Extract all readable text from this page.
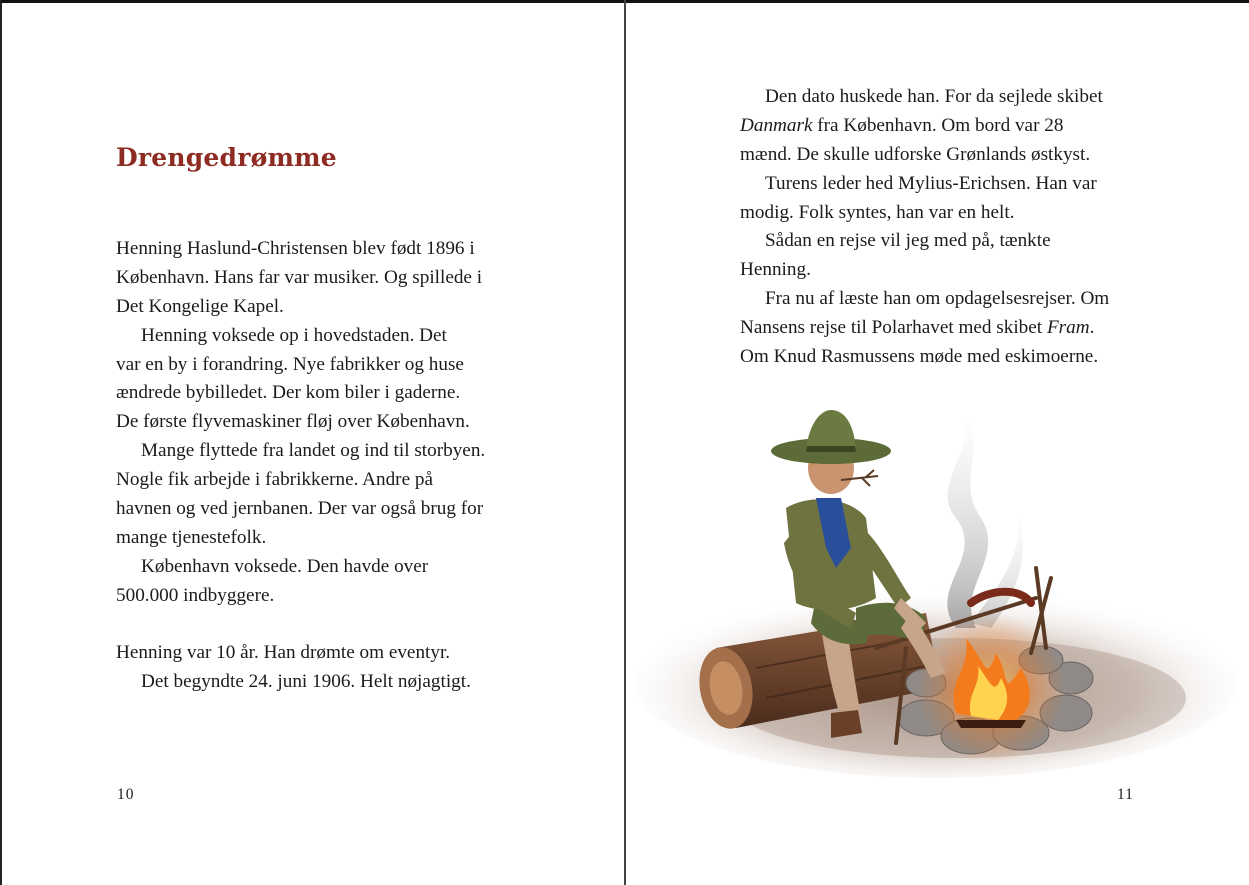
Drengedrømme
Henning Haslund-Christensen blev født 1896 i
København. Hans far var musiker. Og spillede i
Det Kongelige Kapel.
Henning voksede op i hovedstaden. Det
var en by i forandring. Nye fabrikker og huse
ændrede bybilledet. Der kom biler i gaderne.
De første flyvemaskiner fløj over København.
Mange flyttede fra landet og ind til storbyen.
Nogle fik arbejde i fabrikkerne. Andre på
havnen og ved jernbanen. Der var også brug for
mange tjenestefolk.
København voksede. Den havde over
500.000 indbyggere.
Henning var 10 år. Han drømte om eventyr.
Det begyndte 24. juni 1906. Helt nøjagtigt.
10
Den dato huskede han. For da sejlede skibet
Danmark fra København. Om bord var 28
mænd. De skulle udforske Grønlands østkyst.
Turens leder hed Mylius-Erichsen. Han var
modig. Folk syntes, han var en helt.
Sådan en rejse vil jeg med på, tænkte
Henning.
Fra nu af læste han om opdagelsesrejser. Om
Nansens rejse til Polarhavet med skibet Fram.
Om Knud Rasmussens møde med eskimoerne.
11
